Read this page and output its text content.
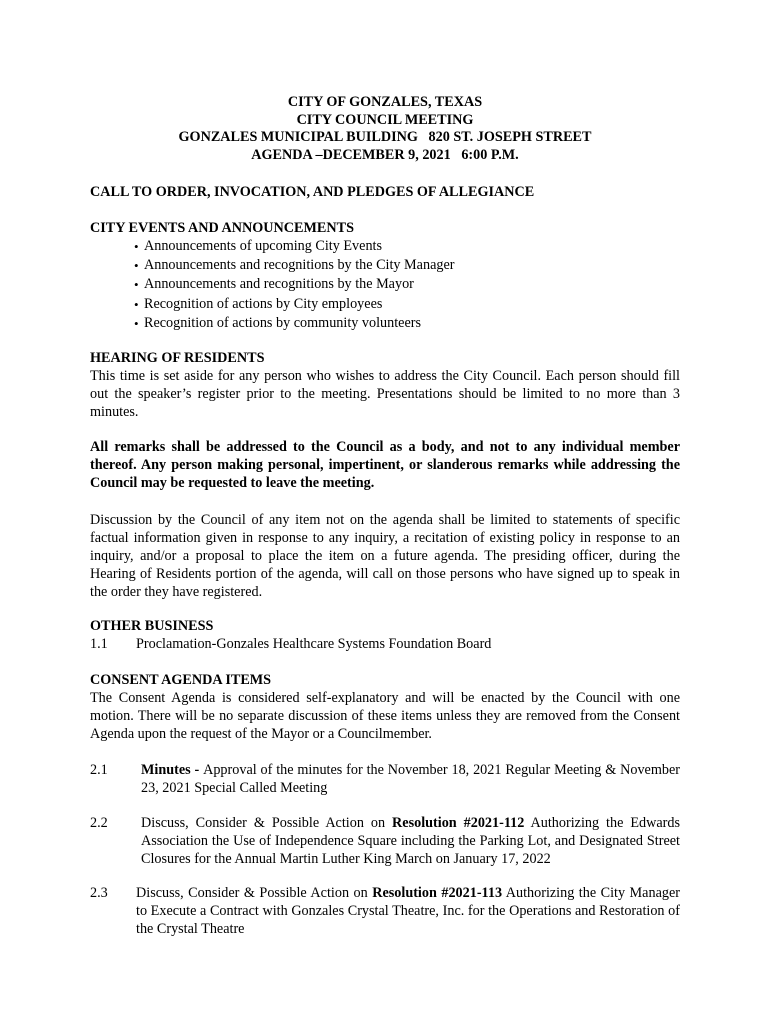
CITY OF GONZALES, TEXAS
CITY COUNCIL MEETING
GONZALES MUNICIPAL BUILDING   820 ST. JOSEPH STREET
AGENDA –DECEMBER 9, 2021   6:00 P.M.
CALL TO ORDER, INVOCATION, AND PLEDGES OF ALLEGIANCE
CITY EVENTS AND ANNOUNCEMENTS
• Announcements of upcoming City Events
• Announcements and recognitions by the City Manager
• Announcements and recognitions by the Mayor
• Recognition of actions by City employees
• Recognition of actions by community volunteers
HEARING OF RESIDENTS
This time is set aside for any person who wishes to address the City Council. Each person should fill out the speaker’s register prior to the meeting. Presentations should be limited to no more than 3 minutes.
All remarks shall be addressed to the Council as a body, and not to any individual member thereof. Any person making personal, impertinent, or slanderous remarks while addressing the Council may be requested to leave the meeting.
Discussion by the Council of any item not on the agenda shall be limited to statements of specific factual information given in response to any inquiry, a recitation of existing policy in response to an inquiry, and/or a proposal to place the item on a future agenda. The presiding officer, during the Hearing of Residents portion of the agenda, will call on those persons who have signed up to speak in the order they have registered.
OTHER BUSINESS
1.1 Proclamation-Gonzales Healthcare Systems Foundation Board
CONSENT AGENDA ITEMS
The Consent Agenda is considered self-explanatory and will be enacted by the Council with one motion. There will be no separate discussion of these items unless they are removed from the Consent Agenda upon the request of the Mayor or a Councilmember.
2.1 Minutes - Approval of the minutes for the November 18, 2021 Regular Meeting & November 23, 2021 Special Called Meeting
2.2 Discuss, Consider & Possible Action on Resolution #2021-112 Authorizing the Edwards Association the Use of Independence Square including the Parking Lot, and Designated Street Closures for the Annual Martin Luther King March on January 17, 2022
2.3 Discuss, Consider & Possible Action on Resolution #2021-113 Authorizing the City Manager to Execute a Contract with Gonzales Crystal Theatre, Inc. for the Operations and Restoration of the Crystal Theatre
